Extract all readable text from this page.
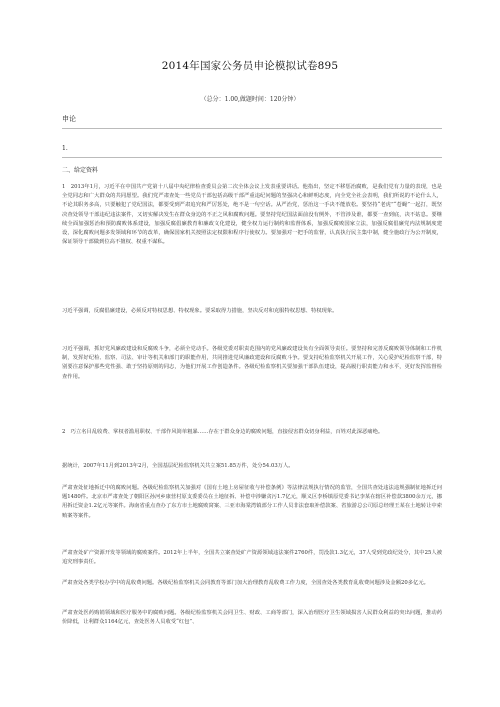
2014年国家公务员申论模拟试卷895
（总分：1.00,做题时间：120分钟）
申论
1.
二、给定资料

1　2013年1月，习近平在中国共产党第十八届中央纪律检查委员会第二次全体会议上发表重要讲话。他指出，坚定不移惩治腐败，是我们党有力量的表现，也是全党同志和广大群众的共同愿望。我们党严肃查处一些党员干部包括高级干部严重违纪问题的坚强决心和鲜明态度，向全党全社会表明，我们所说的不论什么人，不论其职务多高，只要触犯了党纪国法，都要受到严肃追究和严厉惩处，绝不是一句空话。从严治党，惩治这一手决不能放松。要坚持“老虎”“苍蝇”一起打，既坚决查处领导干部违纪违法案件，又切实解决发生在群众身边的不正之风和腐败问题。要坚持党纪国法面前没有例外，不管涉及谁，都要一查到底，决不姑息。要继续全面加强惩治和预防腐败体系建设，加强反腐倡廉教育和廉政文化建设，健全权力运行制约和监督体系，加强反腐败国家立法，加强反腐倡廉党内法规制度建设，深化腐败问题多发领域和环节的改革，确保国家机关按照法定权限和程序行使权力。要加强对一把手的监督，认真执行民主集中制，健全施政行为公开制度，保证领导干部做到位高不擅权、权重不谋私。

习近平强调，反腐倡廉建设，必须反对特权思想、特权现象。要采取得力措施，坚决反对和克服特权思想、特权现象。

习近平强调，抓好党风廉政建设和反腐败斗争，必须全党动手。各级党委对职责范围内的党风廉政建设负有全面领导责任。要坚持和完善反腐败领导体制和工作机制，发挥好纪检、监察、司法、审计等机关和部门的职能作用，共同推进党风廉政建设和反腐败斗争。要支持纪检监察机关开展工作，关心爱护纪检监察干部，特别要注意保护那些党性强、敢于坚持原则的同志，为他们开展工作创造条件。各级纪检监察机关要加强干部队伍建设，提高履行职责能力和水平，更好发挥监督检查作用。

2　巧立名目乱收费、掌权者滥用职权、干部作风简单粗暴……存在于群众身边的腐败问题，直接侵害群众切身利益，百姓对此深恶痛绝。

据统计，2007年11月到2013年2月，全国基层纪检监察机关共立案51.85万件，处分54.03万人。

严肃查处征地拆迁中的腐败问题。各级纪检监察机关加强对《国有土地上房屋征收与补偿条例》等法律法规执行情况的监管，全国共查处违法违规强制征地拆迁问题1480件。北京市严肃查处了朝阳区孙河乡康营村原支委委员在土地征拆、补偿中涉嫌贪污1.7亿元，顺义区李桥镇原党委书记李某在辖区补偿款3800余万元，挪用拆迁资金1.2亿元等案件。海南省重点查办了东方市土地腐败窝案、三亚市海棠湾镇部分工作人员非法套取补偿款案、省旅游总公司原总经理王某在土地转让中索贿案等案件。

严肃查处矿产资源开发等领域的腐败案件。2012年上半年，全国共立案查处矿产资源领域违法案件2760件，罚没款1.3亿元，37人受到党政纪处分，其中25人被追究刑事责任。

严肃查处各类学校办学中的乱收费问题。各级纪检监察机关会同教育等部门加大治理教育乱收费工作力度，全国查处各类教育乱收费问题涉及金额20多亿元。

严肃查处医药购销领域和医疗服务中的腐败问题。各级纪检监察机关会同卫生、财政、工商等部门，深入治理医疗卫生领域损害人民群众利益的突出问题，推动药价降低，让利群众1164亿元，查处医务人员收受“红包”、
